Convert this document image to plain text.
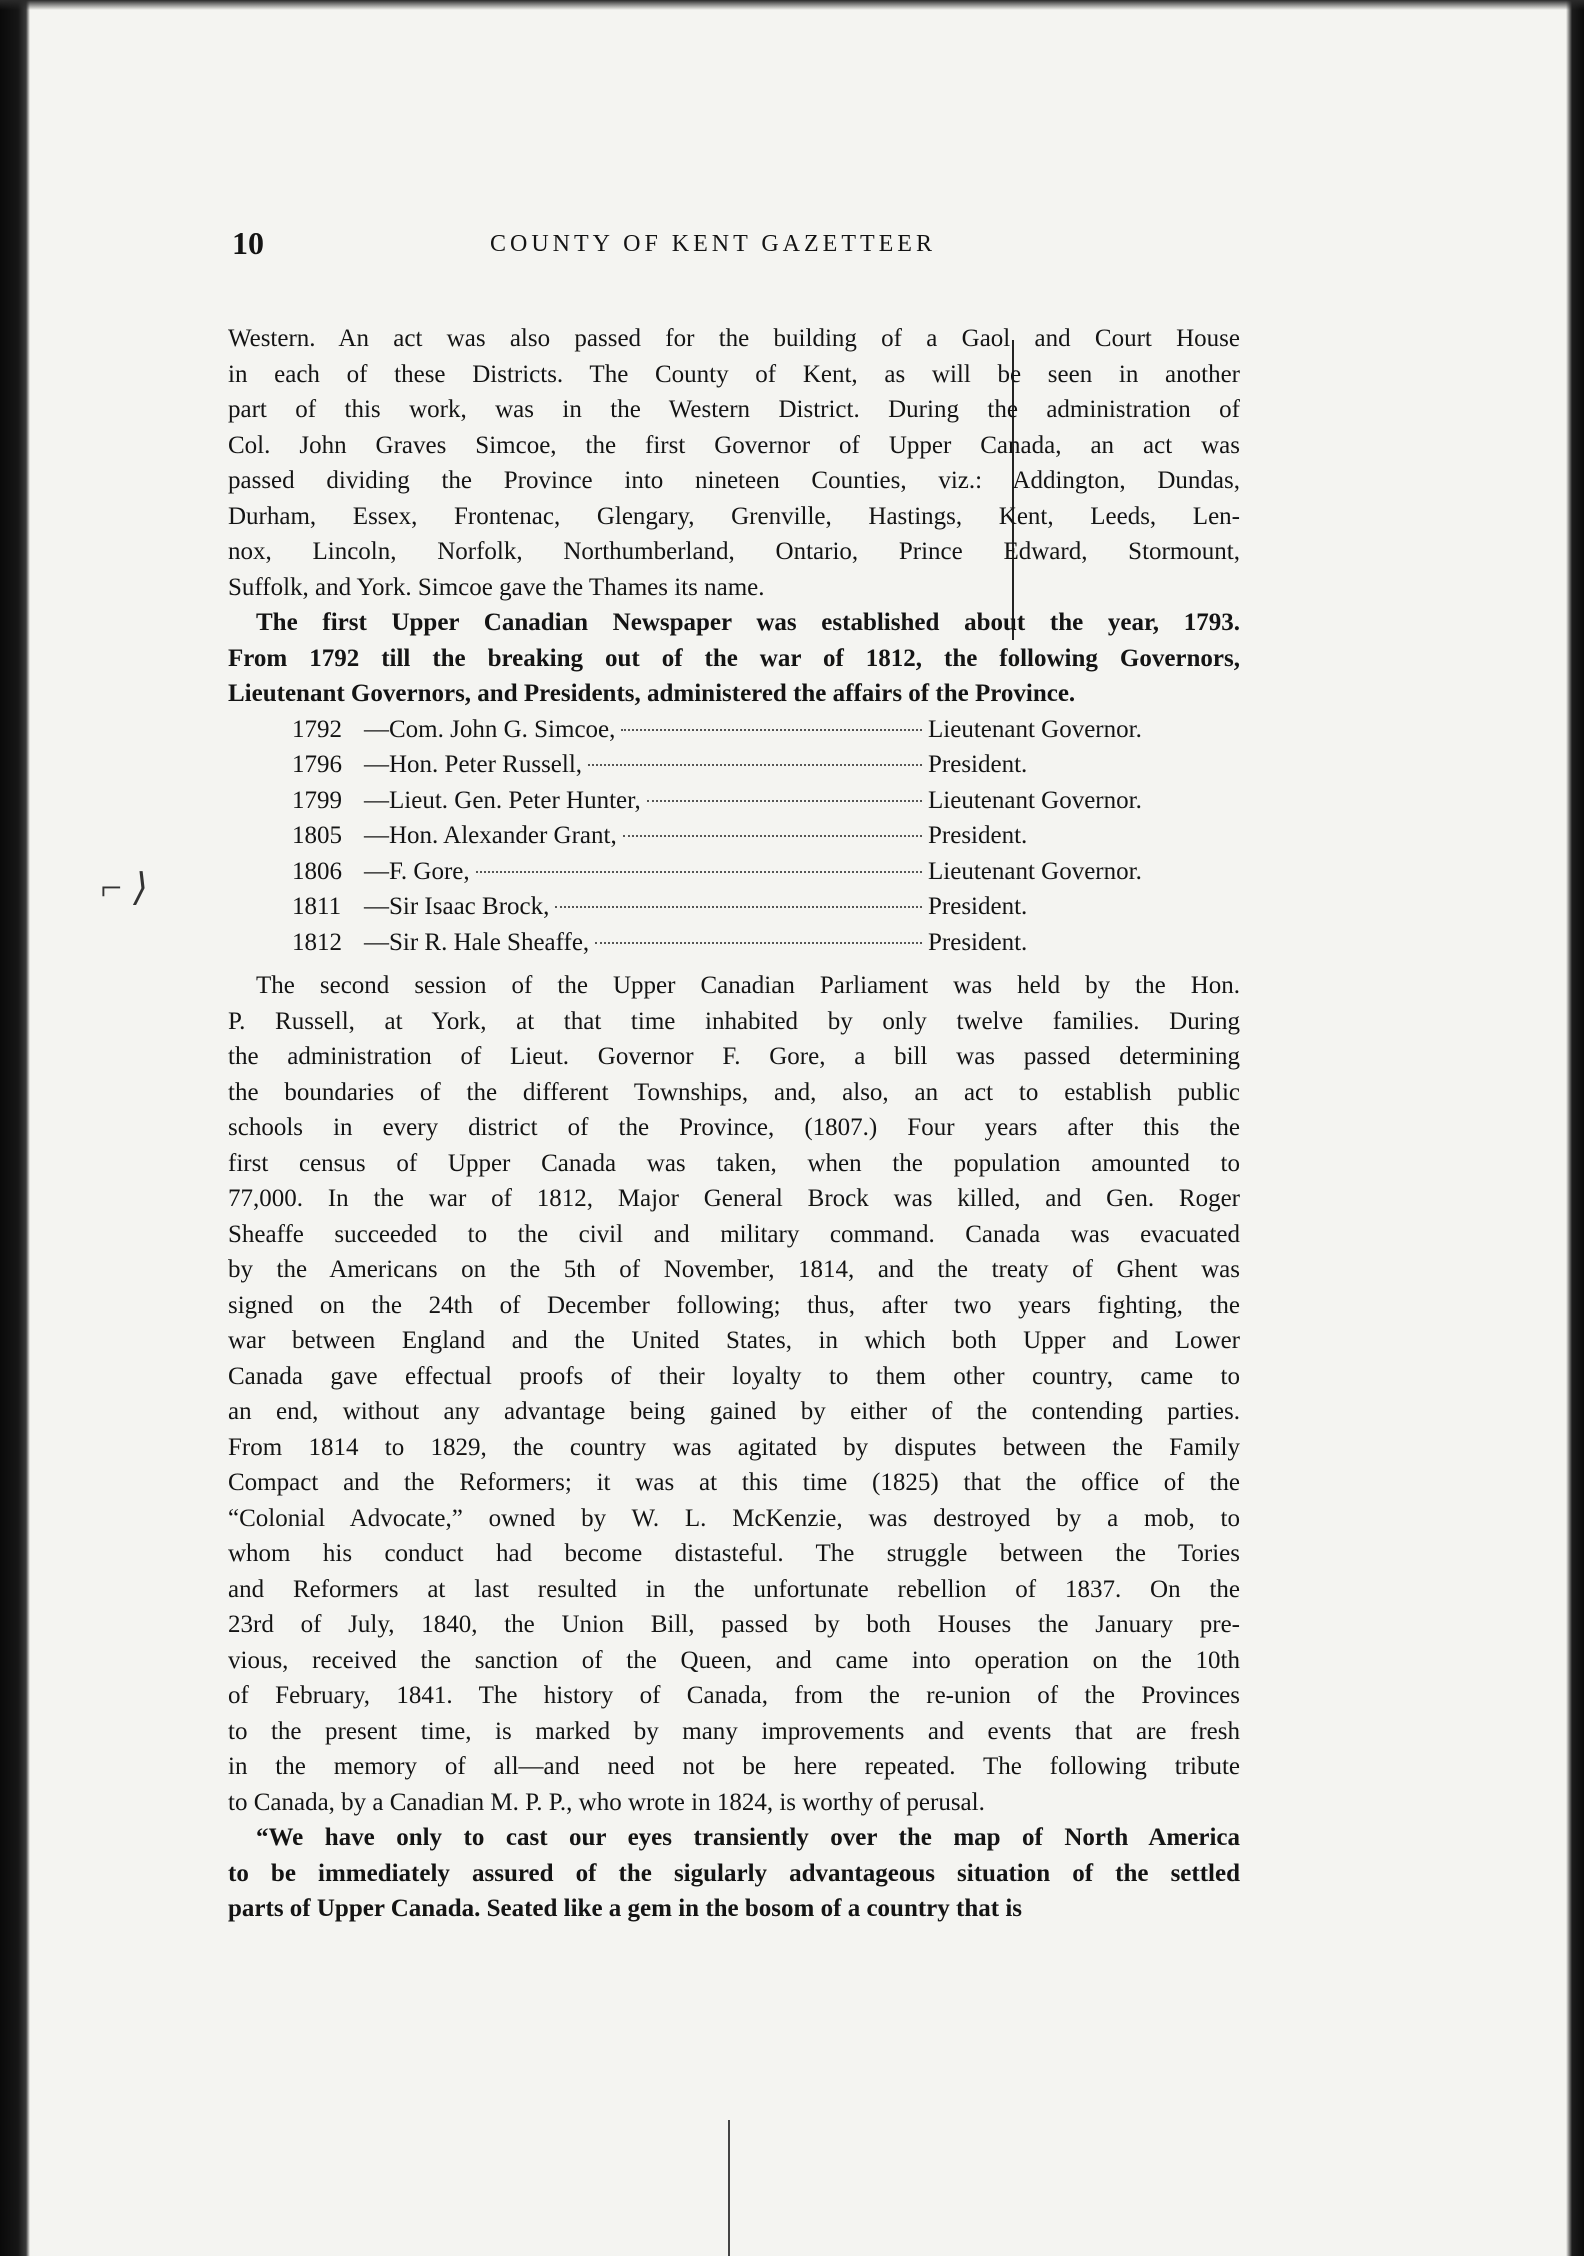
⌐ ⟩
10	COUNTY OF KENT GAZETTEER

Western. An act was also passed for the building of a Gaol and Court House
in each of these Districts. The County of Kent, as will be seen in another
part of this work, was in the Western District. During the administration of
Col. John Graves Simcoe, the first Governor of Upper Canada, an act was
passed dividing the Province into nineteen Counties, viz.: Addington, Dundas,
Durham, Essex, Frontenac, Glengary, Grenville, Hastings, Kent, Leeds, Len-
nox, Lincoln, Norfolk, Northumberland, Ontario, Prince Edward, Stormount,
Suffolk, and York. Simcoe gave the Thames its name.

The first Upper Canadian Newspaper was established about the year, 1793.
From 1792 till the breaking out of the war of 1812, the following Governors,
Lieutenant Governors, and Presidents, administered the affairs of the Province.

1792 —Com. John G. Simcoe,	Lieutenant Governor.
1796 —Hon. Peter Russell,	President.
1799 —Lieut. Gen. Peter Hunter,	Lieutenant Governor.
1805 —Hon. Alexander Grant,	President.
1806 —F. Gore,	Lieutenant Governor.
1811 —Sir Isaac Brock,	President.
1812 —Sir R. Hale Sheaffe,	President.

The second session of the Upper Canadian Parliament was held by the Hon.
P. Russell, at York, at that time inhabited by only twelve families. During
the administration of Lieut. Governor F. Gore, a bill was passed determining
the boundaries of the different Townships, and, also, an act to establish public
schools in every district of the Province, (1807.) Four years after this the
first census of Upper Canada was taken, when the population amounted to
77,000. In the war of 1812, Major General Brock was killed, and Gen. Roger
Sheaffe succeeded to the civil and military command. Canada was evacuated
by the Americans on the 5th of November, 1814, and the treaty of Ghent was
signed on the 24th of December following; thus, after two years fighting, the
war between England and the United States, in which both Upper and Lower
Canada gave effectual proofs of their loyalty to them other country, came to
an end, without any advantage being gained by either of the contending parties.
From 1814 to 1829, the country was agitated by disputes between the Family
Compact and the Reformers; it was at this time (1825) that the office of the
“Colonial Advocate,” owned by W. L. McKenzie, was destroyed by a mob, to
whom his conduct had become distasteful. The struggle between the Tories
and Reformers at last resulted in the unfortunate rebellion of 1837. On the
23rd of July, 1840, the Union Bill, passed by both Houses the January pre-
vious, received the sanction of the Queen, and came into operation on the 10th
of February, 1841. The history of Canada, from the re-union of the Provinces
to the present time, is marked by many improvements and events that are fresh
in the memory of all—and need not be here repeated. The following tribute
to Canada, by a Canadian M. P. P., who wrote in 1824, is worthy of perusal.

“We have only to cast our eyes transiently over the map of North America
to be immediately assured of the sigularly advantageous situation of the settled
parts of Upper Canada. Seated like a gem in the bosom of a country that is
